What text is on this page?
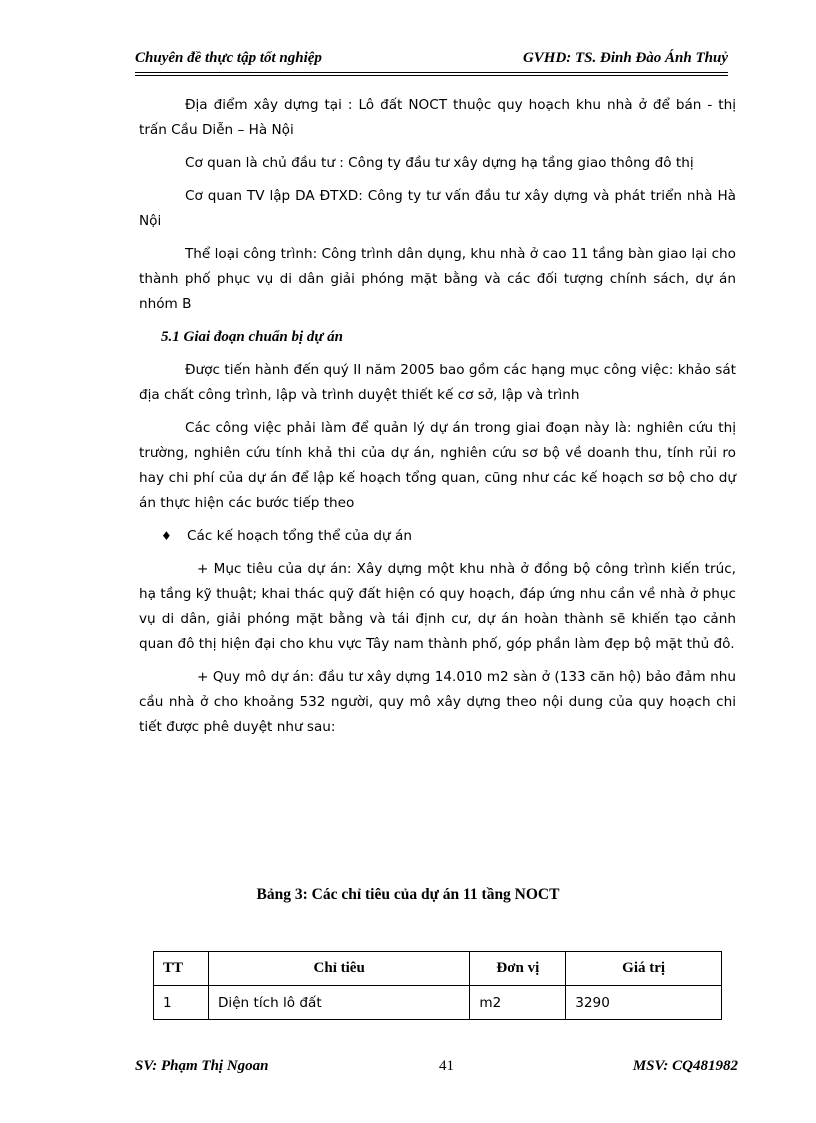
Chuyên đề thực tập tốt nghiệp	GVHD: TS. Đinh Đào Ánh Thuỷ

Địa điểm xây dựng tại : Lô đất NOCT thuộc quy hoạch khu nhà ở để bán - thị trấn Cầu Diễn – Hà Nội

Cơ quan là chủ đầu tư : Công ty đầu tư xây dựng hạ tầng giao thông đô thị

Cơ quan TV lập DA ĐTXD: Công ty tư vấn đầu tư xây dựng và phát triển nhà Hà Nội

Thể loại công trình: Công trình dân dụng, khu nhà ở cao 11 tầng bàn giao lại cho thành phố phục vụ di dân giải phóng mặt bằng và các đối tượng chính sách, dự án nhóm B

5.1 Giai đoạn chuẩn bị dự án

Được tiến hành đến quý II năm 2005 bao gồm các hạng mục công việc: khảo sát địa chất công trình, lập và trình duyệt thiết kế cơ sở, lập và trình

Các công việc phải làm để quản lý dự án trong giai đoạn này là: nghiên cứu thị trường, nghiên cứu tính khả thi của dự án, nghiên cứu sơ bộ về doanh thu, tính rủi ro hay chi phí của dự án để lập kế hoạch tổng quan, cũng như các kế hoạch sơ bộ cho dự án thực hiện các bước tiếp theo

♦	Các kế hoạch tổng thể của dự án

+ Mục tiêu của dự án: Xây dựng một khu nhà ở đồng bộ công trình kiến trúc, hạ tầng kỹ thuật; khai thác quỹ đất hiện có quy hoạch, đáp ứng nhu cần về nhà ở phục vụ di dân, giải phóng mặt bằng và tái định cư, dự án hoàn thành sẽ khiến tạo cảnh quan đô thị hiện đại cho khu vực Tây nam thành phố, góp phần làm đẹp bộ mặt thủ đô.

+ Quy mô dự án: đầu tư xây dựng 14.010 m2 sàn ở (133 căn hộ) bảo đảm nhu cầu nhà ở cho khoảng 532 người, quy mô xây dựng theo nội dung của quy hoạch chi tiết được phê duyệt như sau:

Bảng 3: Các chỉ tiêu của dự án 11 tầng NOCT
TT	Chỉ tiêu	Đơn vị	Giá trị
1	Diện tích lô đất	m2	3290
SV: Phạm Thị Ngoan	41	MSV: CQ481982
